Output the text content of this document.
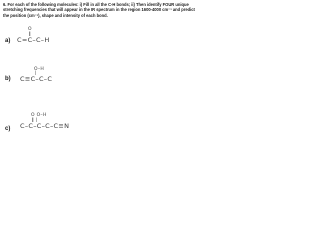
6. For each of the following molecules: i) Fill in all the C-H bonds; ii) Then identify FOUR unique stretching frequencies that will appear in the IR spectrum in the region 1600-4000 cm⁻¹ and predict the position (cm⁻¹), shape and intensity of each bond.
a)
O
‖
C=C–C–H
b)
O–H
|
C≡C–C–C
c)
O O–H
‖ |
C–C–C–C–C≡N
